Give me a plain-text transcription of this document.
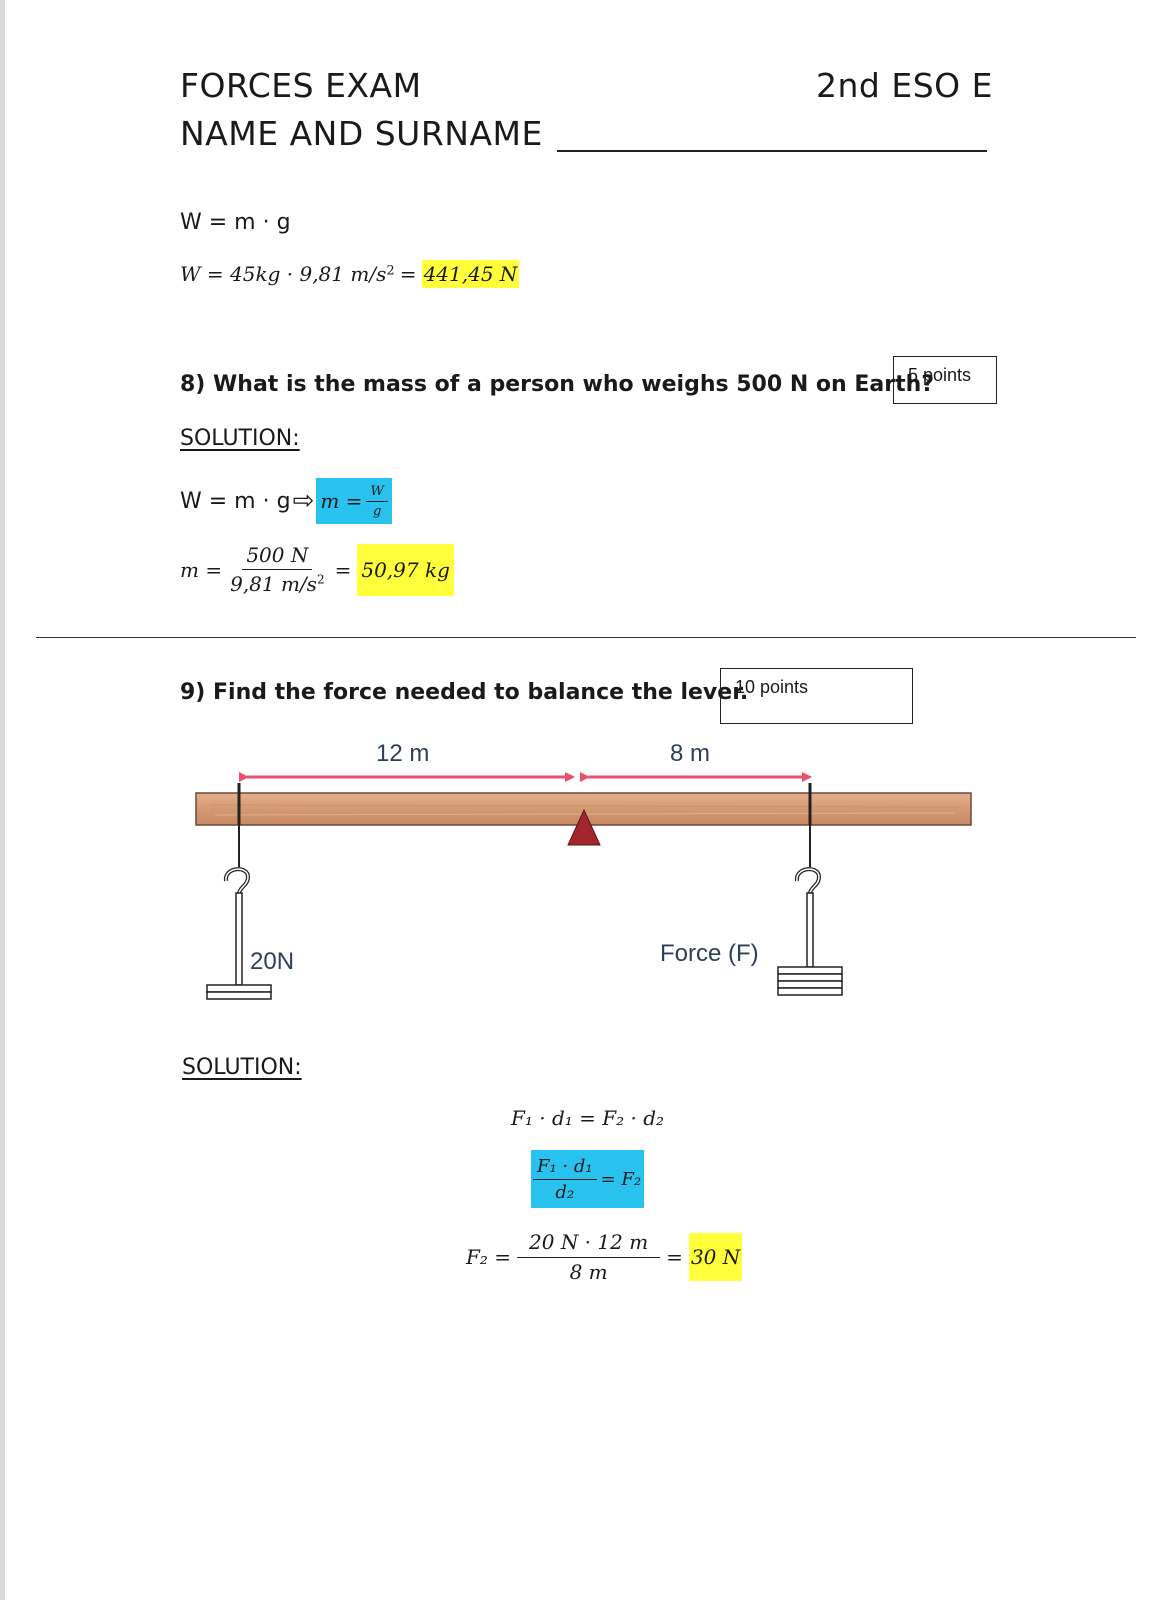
FORCES EXAM	2nd ESO E
NAME AND SURNAME
W = m · g
W = 45kg · 9,81 $m/s^2 = 441,45$ N
8) What is the mass of a person who weighs 500 N on Earth?
5 points
SOLUTION:
W = m · g ⇨ $m = \frac{W}{g}$
$m = \frac{500 N}{9,81 m/s^2} = 50,97$ kg
9) Find the force needed to balance the lever.
10 points
12 m	8 m
20N	Force (F)
SOLUTION:
F₁ · d₁ = F₂ · d₂
$\frac{\text{F₁ · d₁}}{\text{d₂}} = F_2$
$F_2 = \frac{20 N \cdot 12 m}{8 m} = 30$ N
